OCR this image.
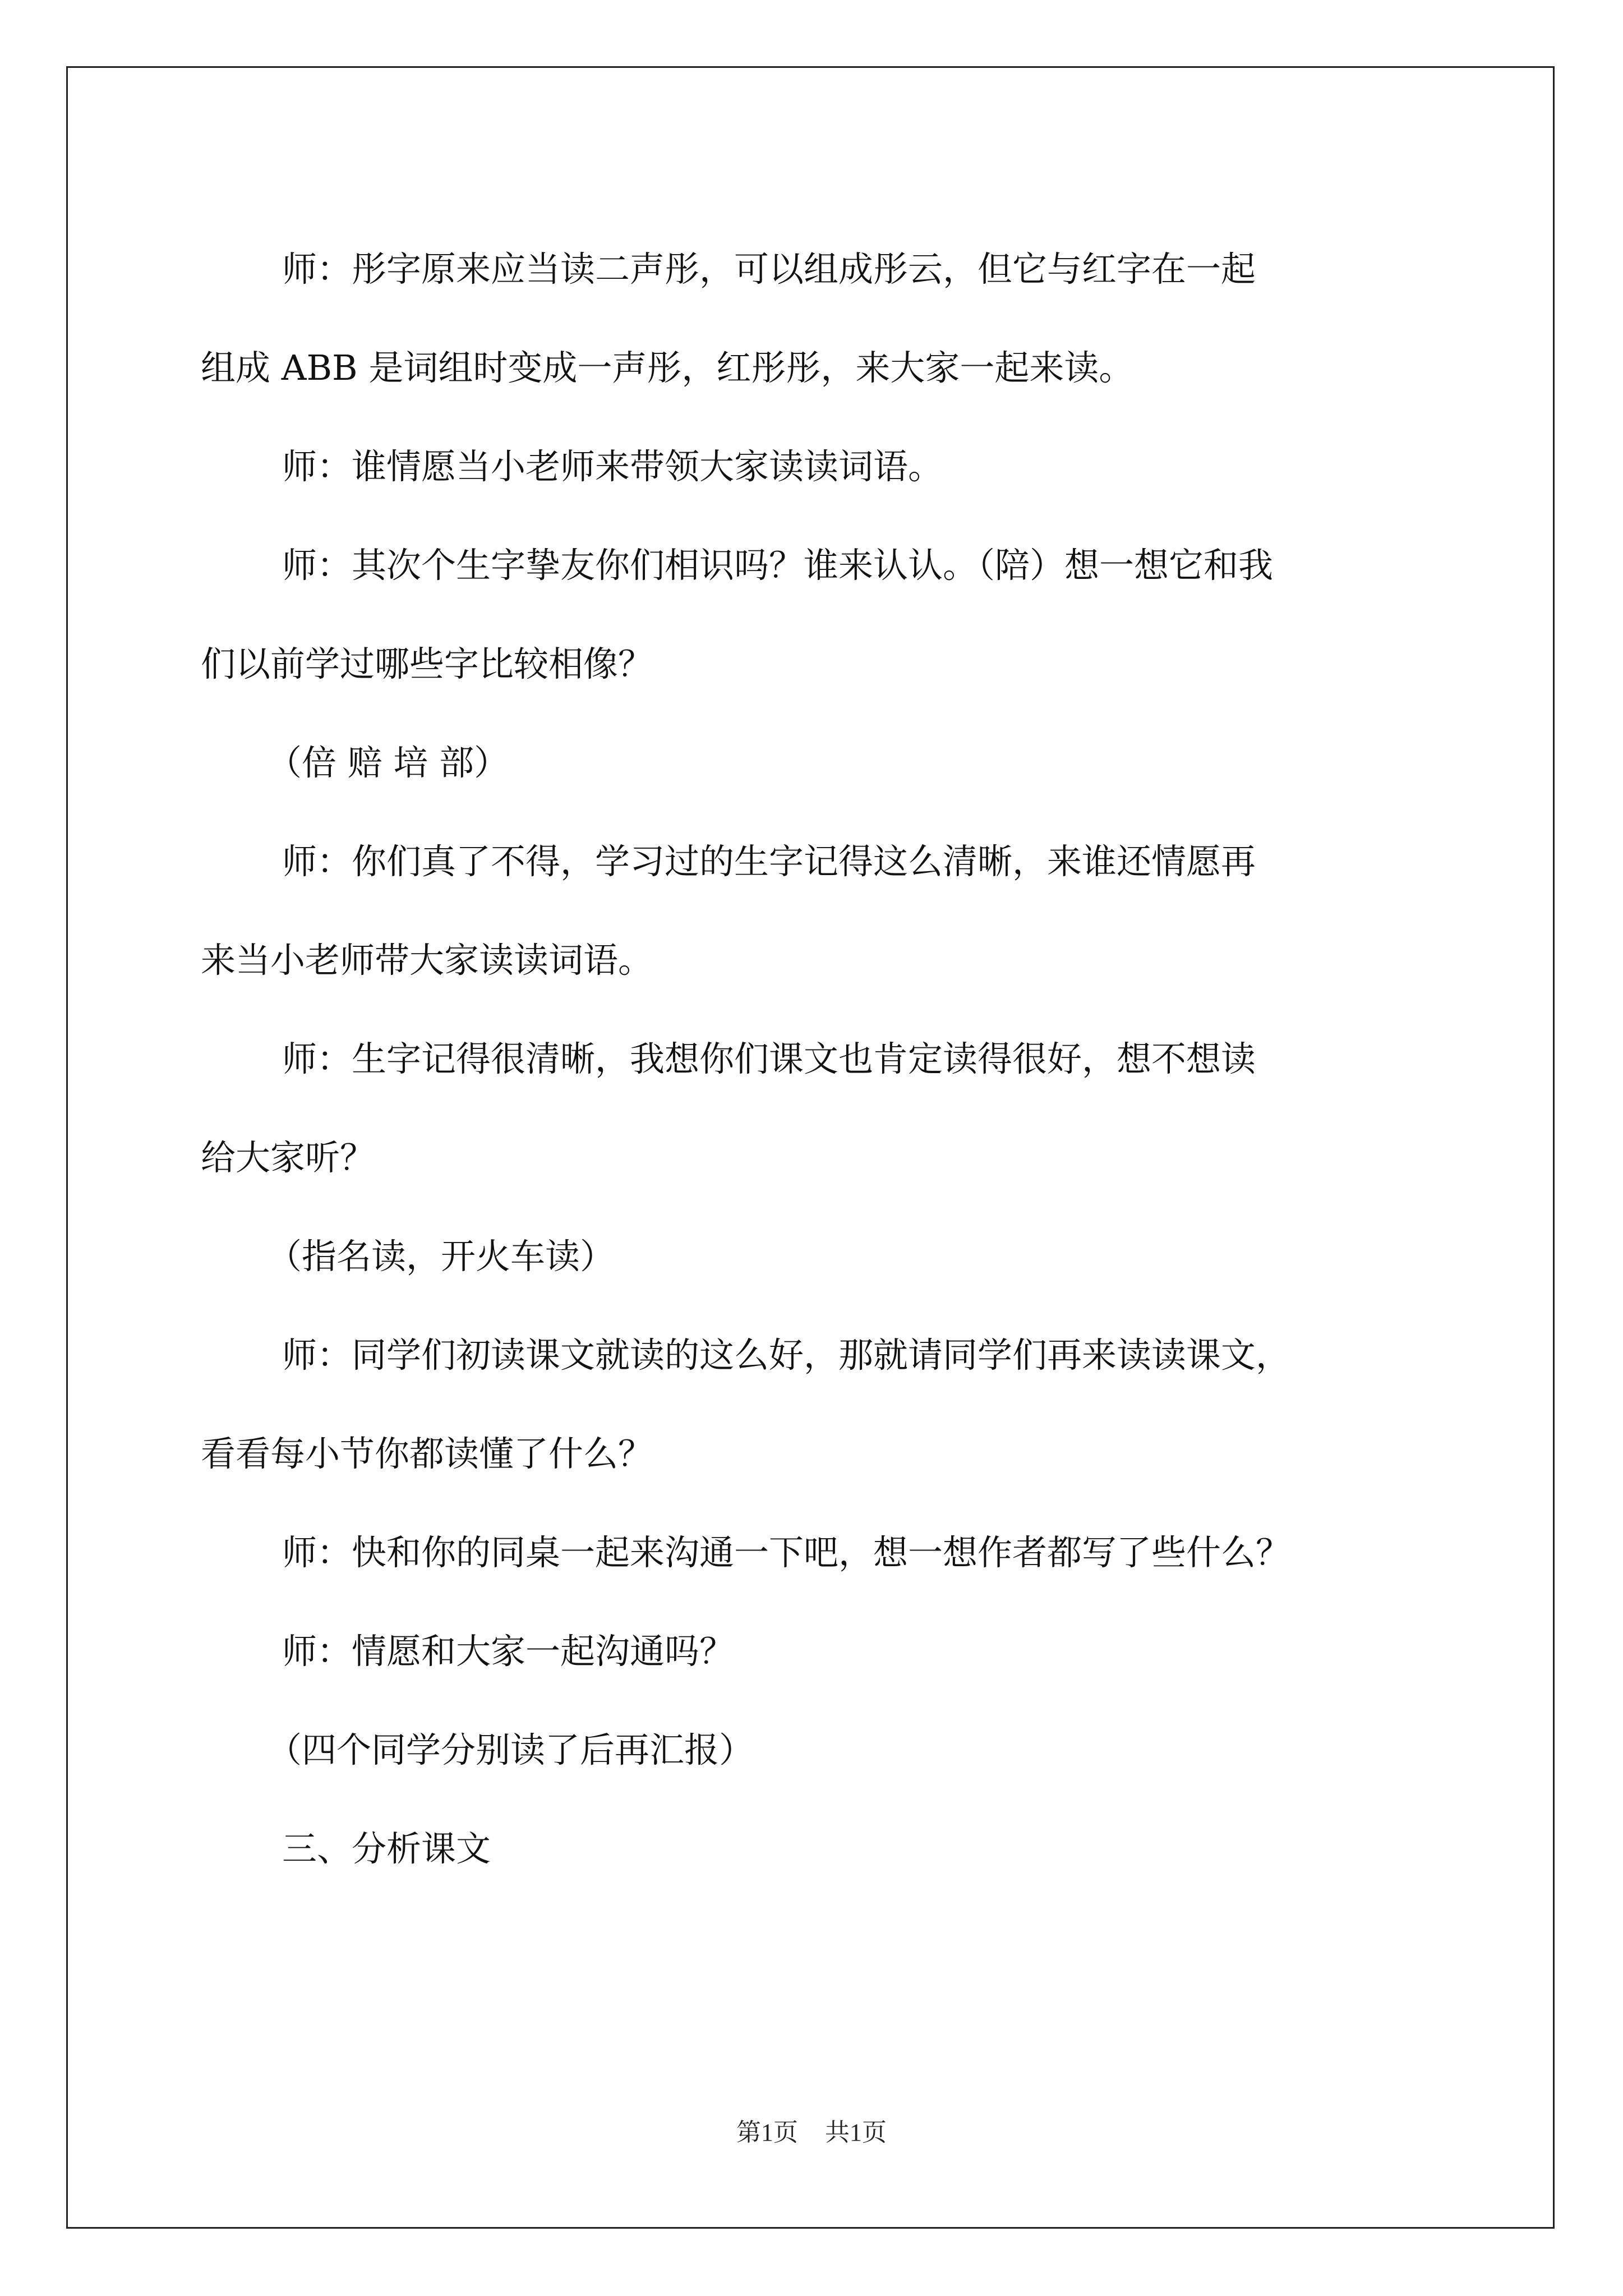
师：彤字原来应当读二声彤，可以组成彤云，但它与红字在一起

组成 ABB 是词组时变成一声彤，红彤彤，来大家一起来读。

师：谁情愿当小老师来带领大家读读词语。

师：其次个生字挚友你们相识吗？谁来认认。（陪）想一想它和我

们以前学过哪些字比较相像？

（倍 赔 培 部）

师：你们真了不得，学习过的生字记得这么清晰，来谁还情愿再

来当小老师带大家读读词语。

师：生字记得很清晰，我想你们课文也肯定读得很好，想不想读

给大家听？

（指名读，开火车读）

师：同学们初读课文就读的这么好，那就请同学们再来读读课文，

看看每小节你都读懂了什么？

师：快和你的同桌一起来沟通一下吧，想一想作者都写了些什么？

师：情愿和大家一起沟通吗？

（四个同学分别读了后再汇报）

三、分析课文

第1页 共1页
